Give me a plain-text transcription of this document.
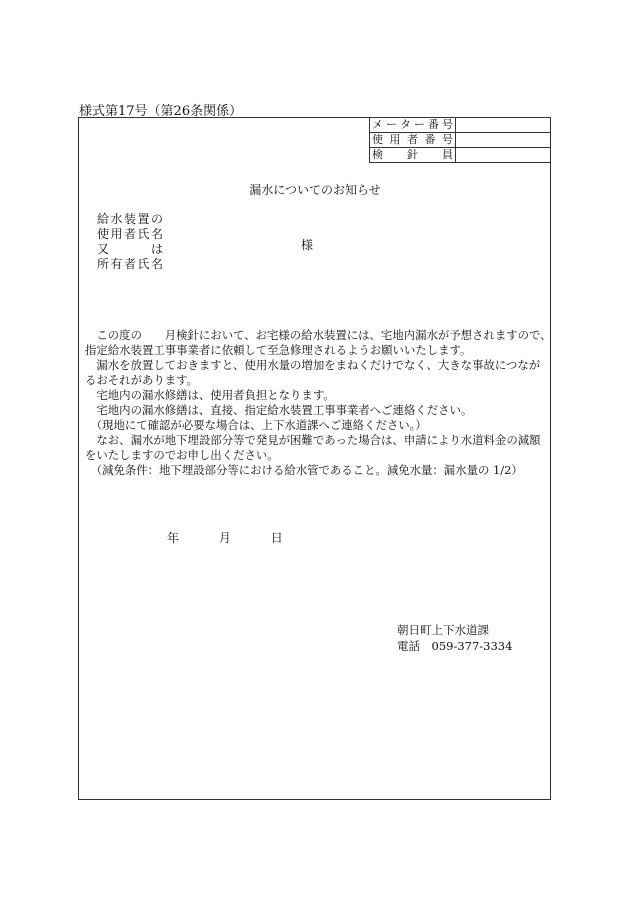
様式第17号（第26条関係）
メーター番号	
使用者番号	
検針員	
漏水についてのお知らせ
給水装置の
使用者氏名
又　　は
所有者氏名
様
　この度の　　月検針において、お宅様の給水装置には、宅地内漏水が予想されますので、
指定給水装置工事事業者に依頼して至急修理されるようお願いいたします。
　漏水を放置しておきますと、使用水量の増加をまねくだけでなく、大きな事故につなが
るおそれがあります。
　宅地内の漏水修繕は、使用者負担となります。
　宅地内の漏水修繕は、直接、指定給水装置工事事業者へご連絡ください。
　（現地にて確認が必要な場合は、上下水道課へご連絡ください。）
　なお、漏水が地下埋設部分等で発見が困難であった場合は、申請により水道料金の減額
をいたしますのでお申し出ください。
　（減免条件：地下埋設部分等における給水管であること。減免水量：漏水量の 1/2）
年	月	日
朝日町上下水道課
電話　059-377-3334
